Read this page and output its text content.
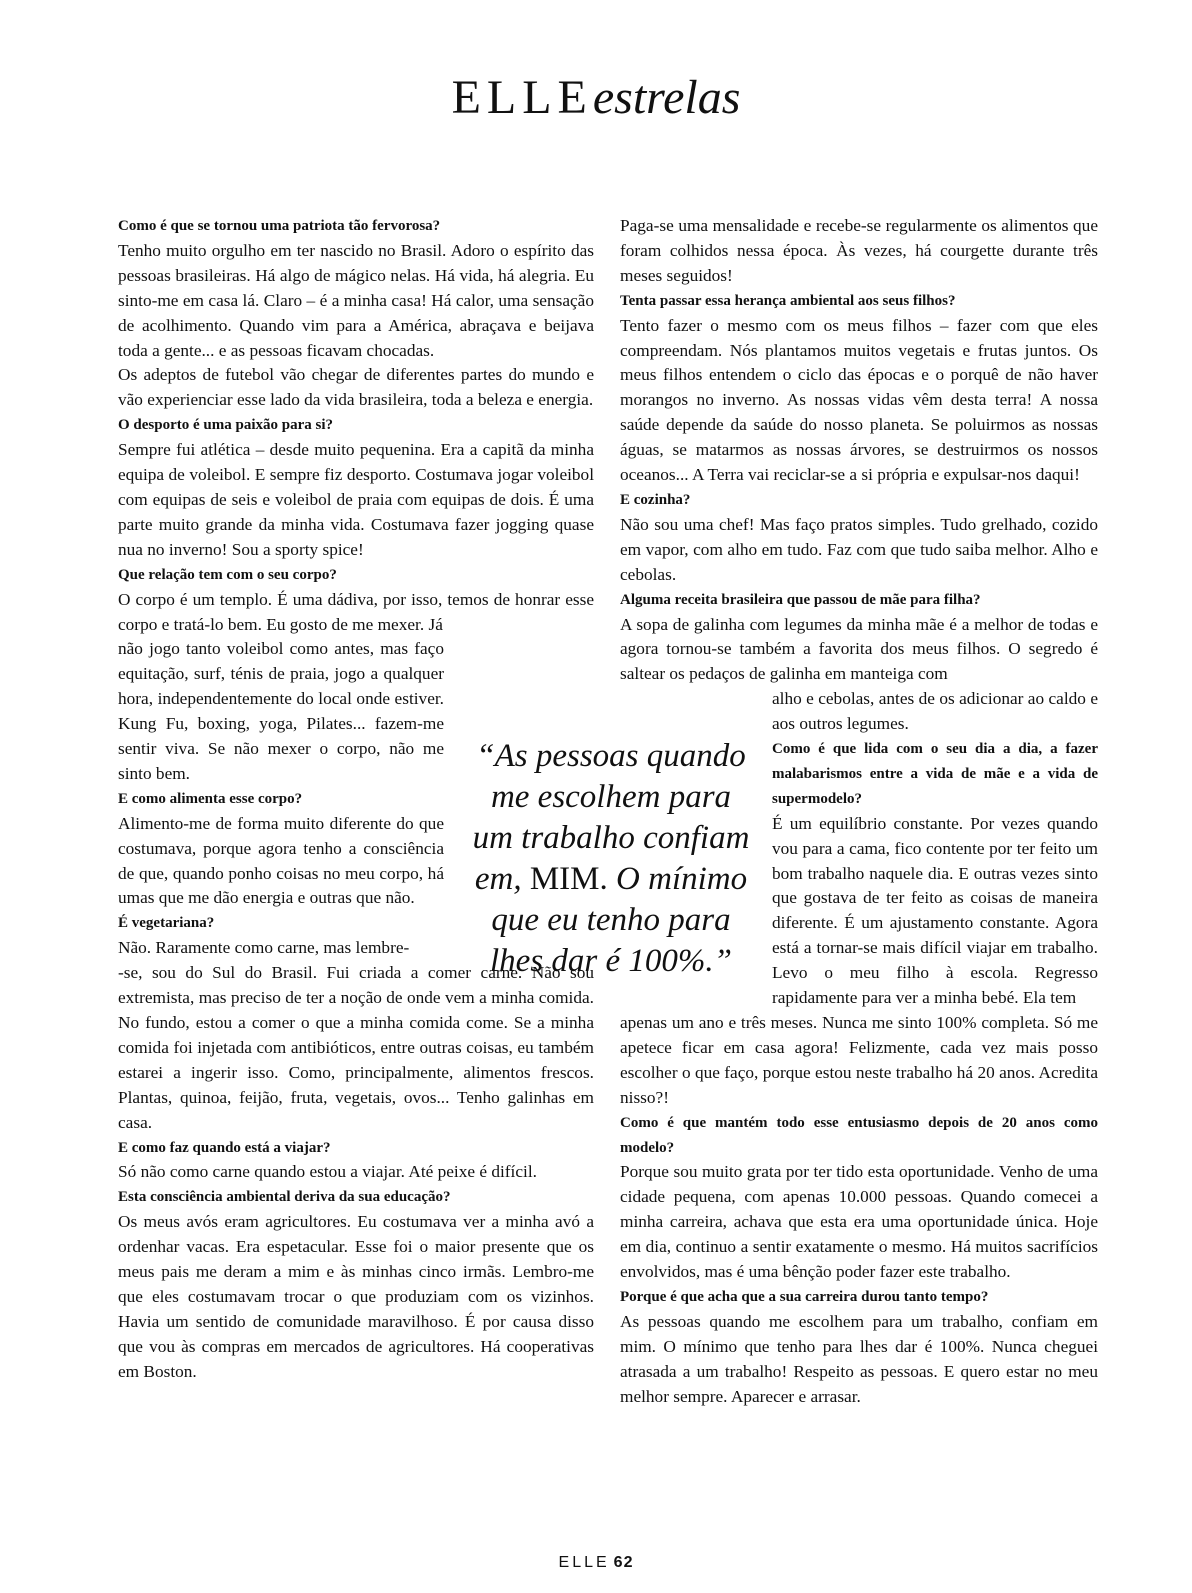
ELLEestrelas

Como é que se tornou uma patriota tão fervorosa?

Tenho muito orgulho em ter nascido no Brasil. Adoro o espírito das pessoas brasileiras. Há algo de mágico nelas. Há vida, há alegria. Eu sinto-me em casa lá. Claro – é a minha casa! Há calor, uma sensação de acolhimento. Quando vim para a América, abraçava e beijava toda a gente... e as pessoas ficavam chocadas.

Os adeptos de futebol vão chegar de diferentes partes do mundo e vão experienciar esse lado da vida brasileira, toda a beleza e energia.

O desporto é uma paixão para si?

Sempre fui atlética – desde muito pequenina. Era a capitã da minha equipa de voleibol. E sempre fiz desporto. Costumava jogar voleibol com equipas de seis e voleibol de praia com equipas de dois. É uma parte muito grande da minha vida. Costumava fazer jogging quase nua no inverno! Sou a sporty spice!

Que relação tem com o seu corpo?

O corpo é um templo. É uma dádiva, por isso, temos de honrar esse corpo e tratá-lo bem. Eu gosto de me mexer. Já

não jogo tanto voleibol como antes, mas faço equitação, surf, ténis de praia, jogo a qualquer hora, independentemente do local onde estiver. Kung Fu, boxing, yoga, Pilates... fazem-me sentir viva. Se não mexer o corpo, não me sinto bem.

E como alimenta esse corpo?

Alimento-me de forma muito diferente do que costumava, porque agora tenho a consciência de que, quando ponho coisas no meu corpo, há umas que me dão energia e outras que não.

É vegetariana?

Não. Raramente como carne, mas lembre-

-se, sou do Sul do Brasil. Fui criada a comer carne. Não sou extremista, mas preciso de ter a noção de onde vem a minha comida. No fundo, estou a comer o que a minha comida come. Se a minha comida foi injetada com antibióticos, entre outras coisas, eu também estarei a ingerir isso. Como, principalmente, alimentos frescos. Plantas, quinoa, feijão, fruta, vegetais, ovos... Tenho galinhas em casa.

E como faz quando está a viajar?

Só não como carne quando estou a viajar. Até peixe é difícil.

Esta consciência ambiental deriva da sua educação?

Os meus avós eram agricultores. Eu costumava ver a minha avó a ordenhar vacas. Era espetacular. Esse foi o maior presente que os meus pais me deram a mim e às minhas cinco irmãs. Lembro-me que eles costumavam trocar o que produziam com os vizinhos. Havia um sentido de comunidade maravilhoso. É por causa disso que vou às compras em mercados de agricultores. Há cooperativas em Boston.

Paga-se uma mensalidade e recebe-se regularmente os alimentos que foram colhidos nessa época. Às vezes, há courgette durante três meses seguidos!

Tenta passar essa herança ambiental aos seus filhos?

Tento fazer o mesmo com os meus filhos – fazer com que eles compreendam. Nós plantamos muitos vegetais e frutas juntos. Os meus filhos entendem o ciclo das épocas e o porquê de não haver morangos no inverno. As nossas vidas vêm desta terra! A nossa saúde depende da saúde do nosso planeta. Se poluirmos as nossas águas, se matarmos as nossas árvores, se destruirmos os nossos oceanos... A Terra vai reciclar-se a si própria e expulsar-nos daqui!

E cozinha?

Não sou uma chef! Mas faço pratos simples. Tudo grelhado, cozido em vapor, com alho em tudo. Faz com que tudo saiba melhor. Alho e cebolas.

Alguma receita brasileira que passou de mãe para filha?

A sopa de galinha com legumes da minha mãe é a melhor de todas e agora tornou-se também a favorita dos meus filhos. O segredo é saltear os pedaços de galinha em manteiga com

alho e cebolas, antes de os adicionar ao caldo e aos outros legumes.

Como é que lida com o seu dia a dia, a fazer malabarismos entre a vida de mãe e a vida de supermodelo?

É um equilíbrio constante. Por vezes quando vou para a cama, fico contente por ter feito um bom trabalho naquele dia. E outras vezes sinto que gostava de ter feito as coisas de maneira diferente. É um ajustamento constante. Agora está a tornar-se mais difícil viajar em trabalho. Levo o meu filho à escola. Regresso rapidamente para ver a minha bebé. Ela tem

apenas um ano e três meses. Nunca me sinto 100% completa. Só me apetece ficar em casa agora! Felizmente, cada vez mais posso escolher o que faço, porque estou neste trabalho há 20 anos. Acredita nisso?!

Como é que mantém todo esse entusiasmo depois de 20 anos como modelo?

Porque sou muito grata por ter tido esta oportunidade. Venho de uma cidade pequena, com apenas 10.000 pessoas. Quando comecei a minha carreira, achava que esta era uma oportunidade única. Hoje em dia, continuo a sentir exatamente o mesmo. Há muitos sacrifícios envolvidos, mas é uma bênção poder fazer este trabalho.

Porque é que acha que a sua carreira durou tanto tempo?

As pessoas quando me escolhem para um trabalho, confiam em mim. O mínimo que tenho para lhes dar é 100%. Nunca cheguei atrasada a um trabalho! Respeito as pessoas. E quero estar no meu melhor sempre. Aparecer e arrasar.

“As pessoas quando me escolhem para um trabalho confiam em, MIM. O mínimo que eu tenho para lhes dar é 100%.”
ELLE 62
